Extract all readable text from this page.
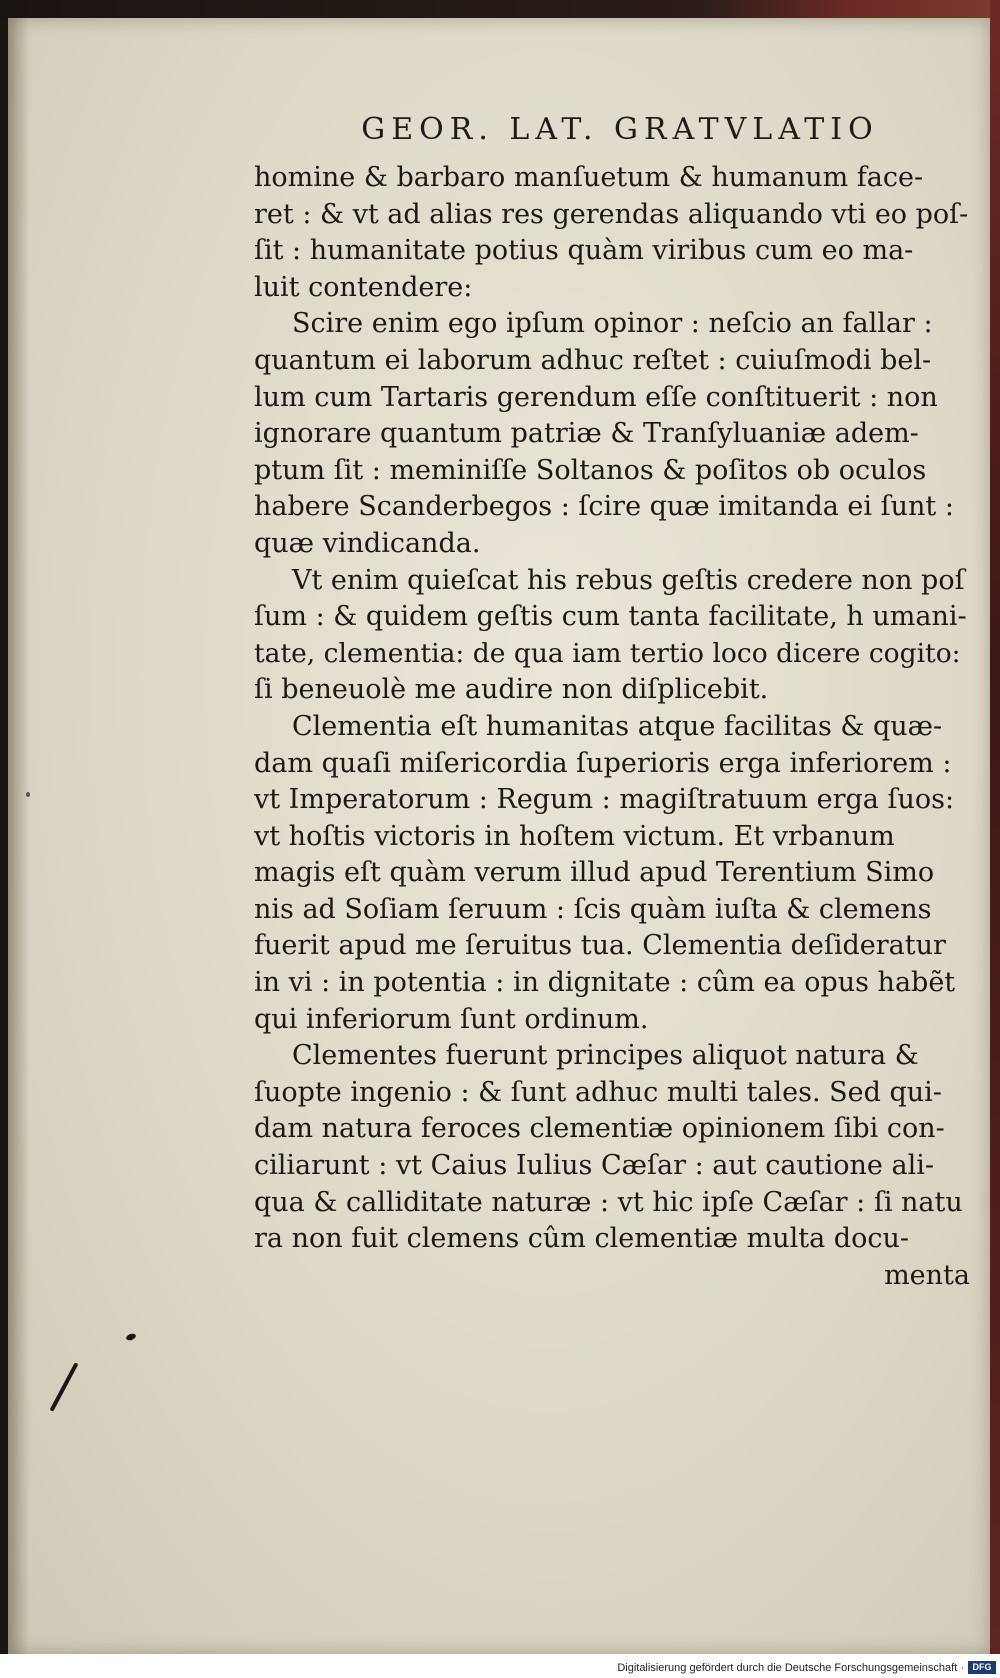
GEOR. LAT. GRATVLATIO
homine & barbaro manſuetum & humanum face-
ret : & vt ad alias res gerendas aliquando vti eo poſ-
ſit : humanitate potius quàm viribus cum eo ma-
luit contendere:
Scire enim ego ipſum opinor : neſcio an fallar :
quantum ei laborum adhuc reſtet : cuiuſmodi bel-
lum cum Tartaris gerendum eſſe conſtituerit : non
ignorare quantum patriæ & Tranſyluaniæ adem-
ptum ſit : meminiſſe Soltanos & poſitos ob oculos
habere Scanderbegos : ſcire quæ imitanda ei ſunt :
quæ vindicanda.
Vt enim quieſcat his rebus geſtis credere non poſ
ſum : & quidem geſtis cum tanta facilitate, h umani-
tate, clementia: de qua iam tertio loco dicere cogito:
ſi beneuolè me audire non diſplicebit.
Clementia eſt humanitas atque facilitas & quæ-
dam quaſi miſericordia ſuperioris erga inferiorem :
vt Imperatorum : Regum : magiſtratuum erga ſuos:
vt hoſtis victoris in hoſtem victum. Et vrbanum
magis eſt quàm verum illud apud Terentium Simo
nis ad Soſiam ſeruum : ſcis quàm iuſta & clemens
fuerit apud me ſeruitus tua. Clementia deſideratur
in vi : in potentia : in dignitate : cûm ea opus habẽt
qui inferiorum ſunt ordinum.
Clementes fuerunt principes aliquot natura &
ſuopte ingenio : & ſunt adhuc multi tales. Sed qui-
dam natura feroces clementiæ opinionem ſibi con-
ciliarunt : vt Caius Iulius Cæſar : aut cautione ali-
qua & calliditate naturæ : vt hic ipſe Cæſar : ſi natu
ra non fuit clemens cûm clementiæ multa docu-
menta
Digitalisierung gefördert durch die Deutsche Forschungsgemeinschaft · DFG
